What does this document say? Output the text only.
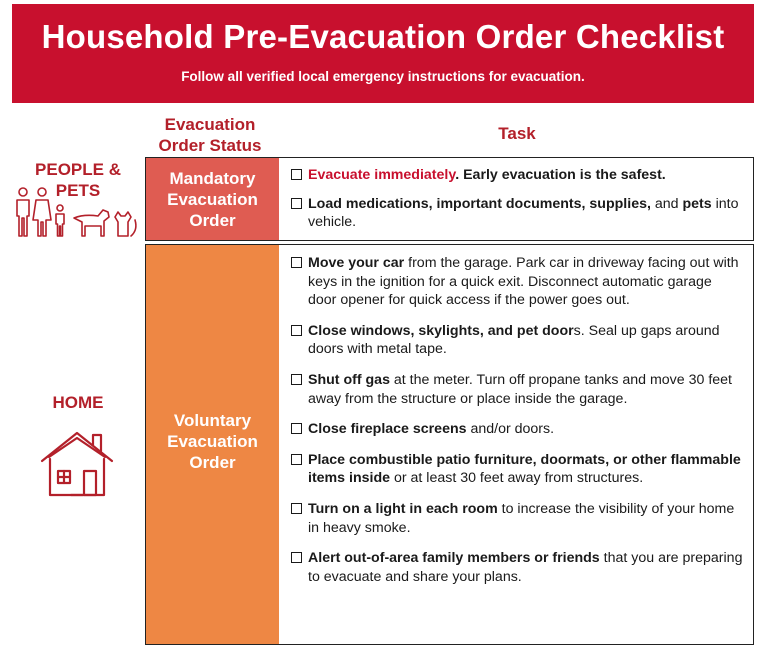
Household Pre-Evacuation Order Checklist
Follow all verified local emergency instructions for evacuation.
Evacuation Order Status
Task
PEOPLE & PETS
HOME
Mandatory Evacuation Order
Evacuate immediately. Early evacuation is the safest.
Load medications, important documents, supplies, and pets into vehicle.
Voluntary Evacuation Order
Move your car from the garage. Park car in driveway facing out with keys in the ignition for a quick exit. Disconnect automatic garage door opener for quick access if the power goes out.
Close windows, skylights, and pet doors. Seal up gaps around doors with metal tape.
Shut off gas at the meter. Turn off propane tanks and move 30 feet away from the structure or place inside the garage.
Close fireplace screens and/or doors.
Place combustible patio furniture, doormats, or other flammable items inside or at least 30 feet away from structures.
Turn on a light in each room to increase the visibility of your home in heavy smoke.
Alert out-of-area family members or friends that you are preparing to evacuate and share your plans.
